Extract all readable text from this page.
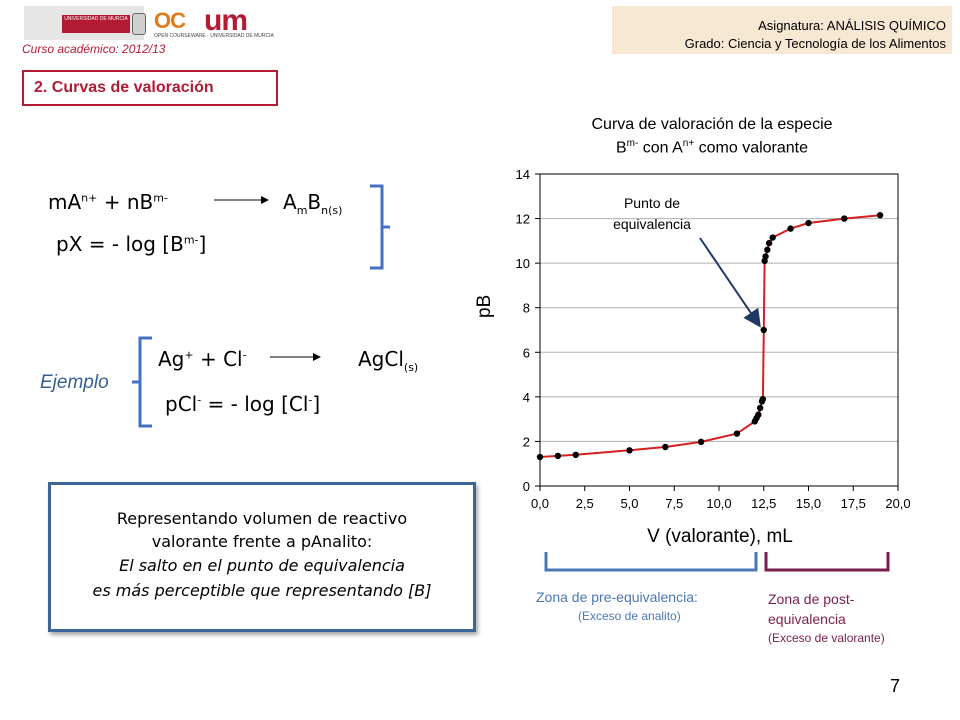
UNIVERSIDAD DE MURCIA OC um
OPEN COURSEWARE · UNIVERSIDAD DE MURCIA
Curso académico: 2012/13
Asignatura: ANÁLISIS QUÍMICO
Grado: Ciencia y Tecnología de los Alimentos
2. Curvas de valoración
$mA^{n+} + nB^{m-}$	$A_mB_{n(s)}$
pX = - $\log [B^{m-}]$
Ejemplo
Ag+ + Cl-	AgCl$_{(s)}$
pCl- = - log [Cl-]
Representando volumen de reactivo
valorante frente a pAnalito:
El salto en el punto de equivalencia
es más perceptible que representando [B]
Curva de valoración de la especie
$B^{m-}$ con $A^{n+}$ como valorante
0
2
4
6
8
10
12
14
0,0 2,5 5,0 7,5 10,0 12,5 15,0 17,5 20,0
pB
V (valorante), mL
Punto de
equivalencia
Zona de pre-equivalencia:
(Exceso de analito)
Zona de post-
equivalencia
(Exceso de valorante)
7
